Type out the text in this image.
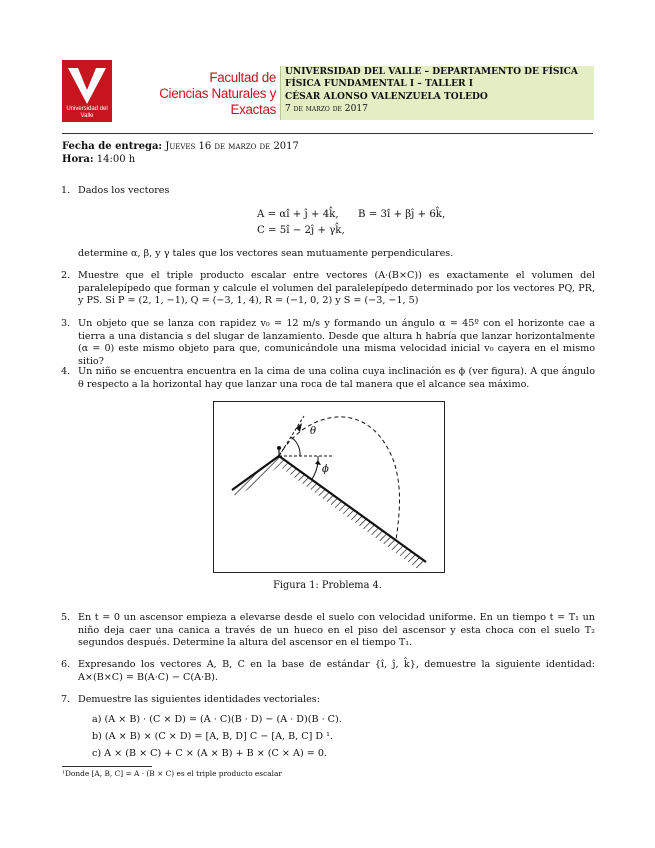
Universidad del Valle
Facultad de
Ciencias Naturales y Exactas
UNIVERSIDAD DEL VALLE – DEPARTAMENTO DE FÍSICA
FÍSICA FUNDAMENTAL I – TALLER I
CÉSAR ALONSO VALENZUELA TOLEDO
7 de marzo de 2017
Fecha de entrega: Jueves 16 de marzo de 2017
Hora: 14:00 h
1. Dados los vectores
A = αî + ĵ + 4k̂, B = 3î + βĵ + 6k̂,
C = 5î − 2ĵ + γk̂,
determine α, β, y γ tales que los vectores sean mutuamente perpendiculares.
2. Muestre que el triple producto escalar entre vectores (A·(B×C)) es exactamente el volumen del paralelepípedo que forman y calcule el volumen del paralelepípedo determinado por los vectores PQ, PR, y PS. Si P = (2, 1, −1), Q = (−3, 1, 4), R = (−1, 0, 2) y S = (−3, −1, 5)
3. Un objeto que se lanza con rapidez v₀ = 12 m/s y formando un ángulo α = 45º con el horizonte cae a tierra a una distancia s del slugar de lanzamiento. Desde que altura h habría que lanzar horizontalmente (α = 0) este mismo objeto para que, comunicándole una misma velocidad inicial v₀ cayera en el mismo sitio?
4. Un niño se encuentra encuentra en la cima de una colina cuya inclinación es ϕ (ver figura). A que ángulo θ respecto a la horizontal hay que lanzar una roca de tal manera que el alcance sea máximo.
θ
ϕ
Figura 1: Problema 4.
5. En t = 0 un ascensor empieza a elevarse desde el suelo con velocidad uniforme. En un tiempo t = T₁ un niño deja caer una canica a través de un hueco en el piso del ascensor y esta choca con el suelo T₂ segundos después. Determine la altura del ascensor en el tiempo T₁.
6. Expresando los vectores A, B, C en la base de estándar {î, ĵ, k̂}, demuestre la siguiente identidad: A×(B×C) = B(A·C) − C(A·B).
7. Demuestre las siguientes identidades vectoriales:
a) (A × B) · (C × D) = (A · C)(B · D) − (A · D)(B · C).
b) (A × B) × (C × D) = [A, B, D] C − [A, B, C] D ¹.
c) A × (B × C) + C × (A × B) + B × (C × A) = 0.
¹Donde [A, B, C] = A · (B × C) es el triple producto escalar
